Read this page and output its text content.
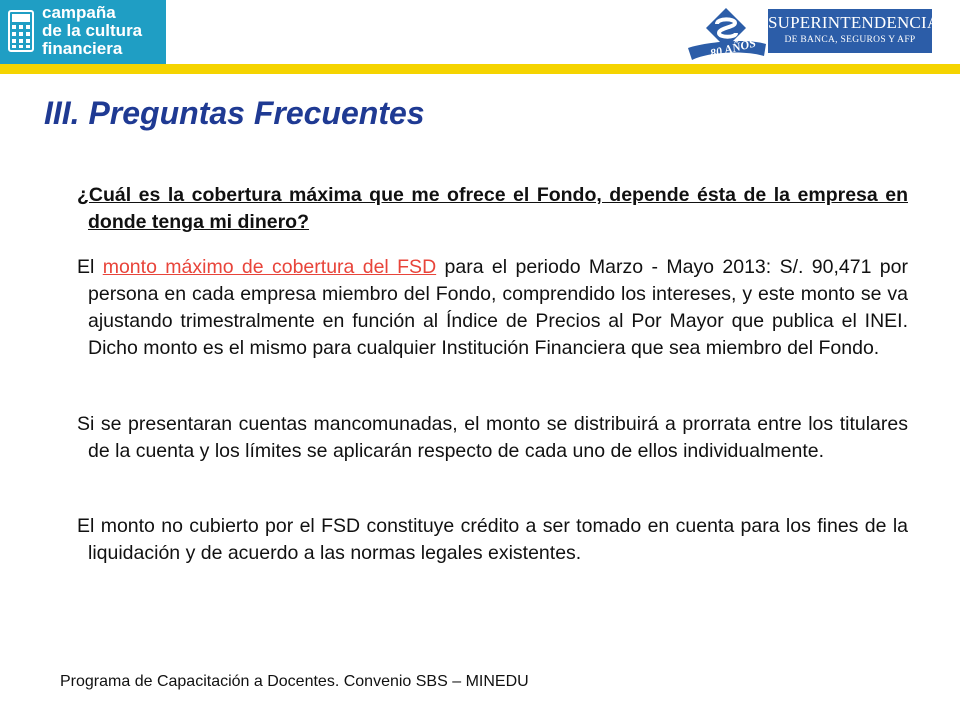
campaña
de la cultura
financiera	80 AÑOS
SUPERINTENDENCIA
DE BANCA, SEGUROS Y AFP
III. Preguntas Frecuentes
¿Cuál es la cobertura máxima que me ofrece el Fondo, depende ésta de la empresa en donde tenga mi dinero?
El monto máximo de cobertura del FSD para el periodo Marzo - Mayo 2013: S/. 90,471 por persona en cada empresa miembro del Fondo, comprendido los intereses, y este monto se va ajustando trimestralmente en función al Índice de Precios al Por Mayor que publica el INEI. Dicho monto es el mismo para cualquier Institución Financiera que sea miembro del Fondo.
Si se presentaran cuentas mancomunadas, el monto se distribuirá a prorrata entre los titulares de la cuenta y los límites se aplicarán respecto de cada uno de ellos individualmente.
El monto no cubierto por el FSD constituye crédito a ser tomado en cuenta para los fines de la liquidación y de acuerdo a las normas legales existentes.
Programa de Capacitación a Docentes. Convenio SBS – MINEDU
